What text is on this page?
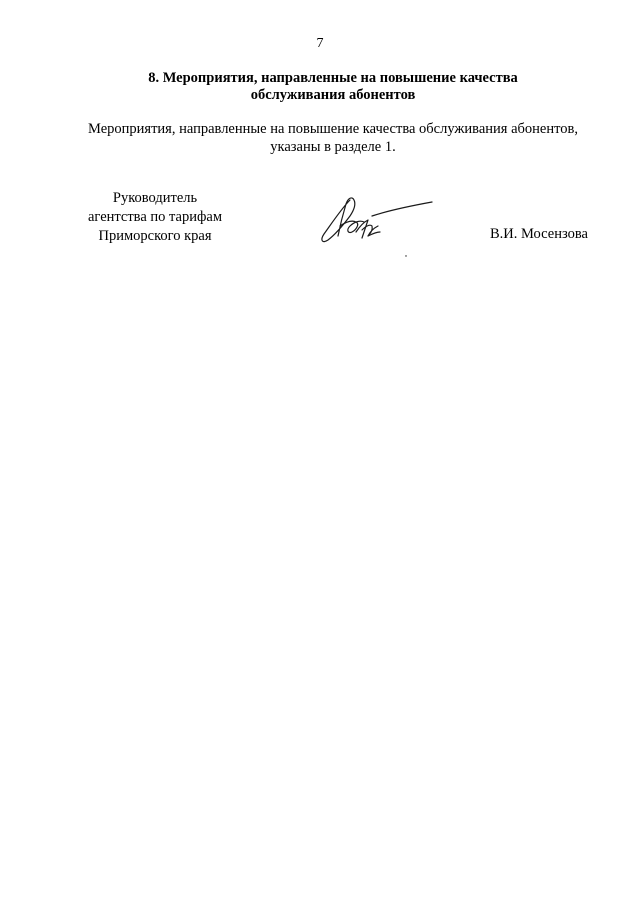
7
8. Мероприятия, направленные на повышение качества
обслуживания абонентов
Мероприятия, направленные на повышение качества обслуживания абонентов,
указаны в разделе 1.
Руководитель
агентства по тарифам
Приморского края	В.И. Мосензова
